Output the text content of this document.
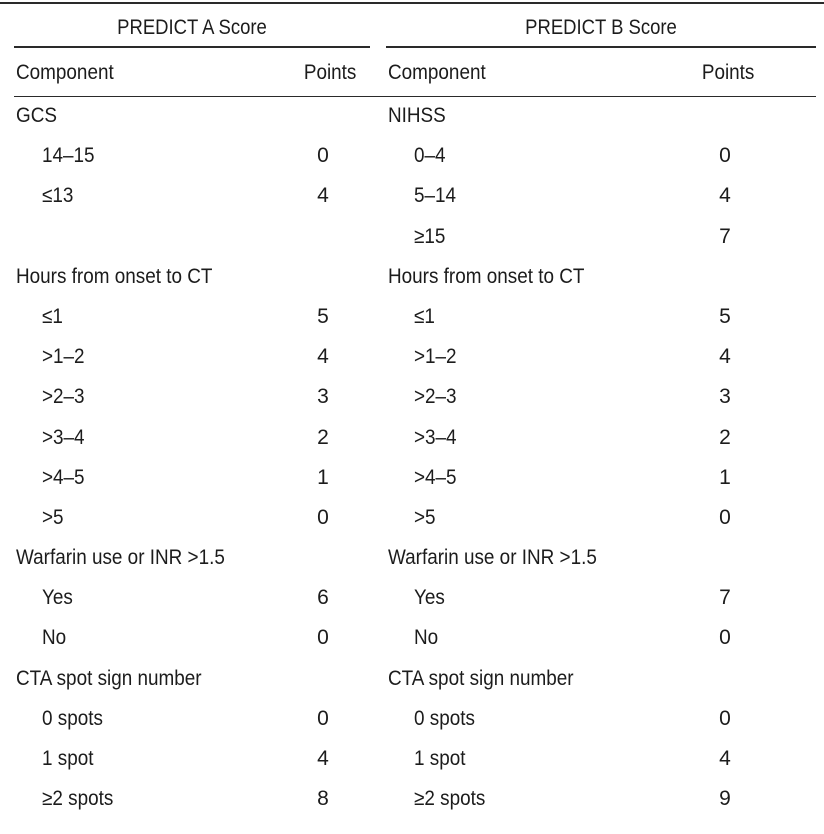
PREDICT A Score	PREDICT B Score
Component	Points Component	Points
GCS
14–15	0
≤13	4
Hours from onset to CT
≤1	5
>1–2	4
>2–3	3
>3–4	2
>4–5	1
>5	0
Warfarin use or INR >1.5
Yes	6
No	0
CTA spot sign number
0 spots	0
1 spot	4
≥2 spots	8
NIHSS
0–4	0
5–14	4
≥15	7
Hours from onset to CT
≤1	5
>1–2	4
>2–3	3
>3–4	2
>4–5	1
>5	0
Warfarin use or INR >1.5
Yes	7
No	0
CTA spot sign number
0 spots	0
1 spot	4
≥2 spots	9
